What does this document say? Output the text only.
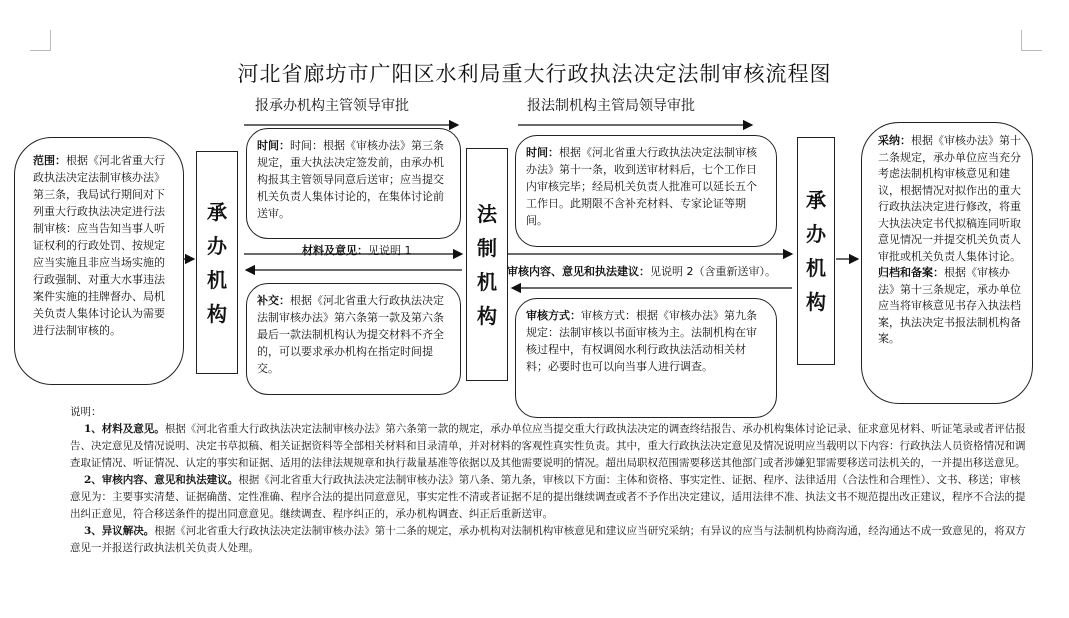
河北省廊坊市广阳区水利局重大行政执法决定法制审核流程图
报承办机构主管领导审批	报法制机构主管局领导审批
范围：根据《河北省重大行政执法决定法制审核办法》第三条，我局试行期间对下列重大行政执法决定进行法制审核：应当告知当事人听证权利的行政处罚、按规定应当实施且非应当场实施的行政强制、对重大水事违法案件实施的挂牌督办、局机关负责人集体讨论认为需要进行法制审核的。
承
办
机
构
时间：时间：根据《审核办法》第三条规定，重大执法决定签发前，由承办机构报其主管领导同意后送审；应当提交机关负责人集体讨论的，在集体讨论前送审。
材料及意见：见说明 1
补交：根据《河北省重大行政执法决定法制审核办法》第六条第一款及第六条最后一款法制机构认为提交材料不齐全的，可以要求承办机构在指定时间提交。
法
制
机
构
时间：根据《河北省重大行政执法决定法制审核办法》第十一条，收到送审材料后，七个工作日内审核完毕；经局机关负责人批准可以延长五个工作日。此期限不含补充材料、专家论证等期间。
审核内容、意见和执法建议：见说明 2（含重新送审）。
审核方式：审核方式：根据《审核办法》第九条规定：法制审核以书面审核为主。法制机构在审核过程中，有权调阅水利行政执法活动相关材料；必要时也可以向当事人进行调查。
承
办
机
构
采纳：根据《审核办法》第十二条规定，承办单位应当充分考虑法制机构审核意见和建议，根据情况对拟作出的重大行政执法决定进行修改，将重大执法决定书代拟稿连同听取意见情况一并提交机关负责人审批或机关负责人集体讨论。
归档和备案：根据《审核办法》第十三条规定，承办单位应当将审核意见书存入执法档案，执法决定书报法制机构备案。

说明：

1、材料及意见。根据《河北省重大行政执法决定法制审核办法》第六条第一款的规定，承办单位应当提交重大行政执法决定的调查终结报告、承办机构集体讨论记录、征求意见材料、听证笔录或者评估报告、决定意见及情况说明、决定书草拟稿、相关证据资料等全部相关材料和目录清单，并对材料的客观性真实性负责。其中，重大行政执法决定意见及情况说明应当载明以下内容：行政执法人员资格情况和调查取证情况、听证情况、认定的事实和证据、适用的法律法规规章和执行裁量基准等依据以及其他需要说明的情况。超出局职权范围需要移送其他部门或者涉嫌犯罪需要移送司法机关的，一并提出移送意见。

2、审核内容、意见和执法建议。根据《河北省重大行政执法决定法制审核办法》第八条、第九条，审核以下方面：主体和资格、事实定性、证据、程序、法律适用（合法性和合理性）、文书、移送；审核意见为：主要事实清楚、证据确凿、定性准确、程序合法的提出同意意见，事实定性不清或者证据不足的提出继续调查或者不予作出决定建议，适用法律不准、执法文书不规范提出改正建议，程序不合法的提出纠正意见，符合移送条件的提出同意意见。继续调查、程序纠正的，承办机构调查、纠正后重新送审。

3、异议解决。根据《河北省重大行政执法决定法制审核办法》第十二条的规定，承办机构对法制机构审核意见和建议应当研究采纳；有异议的应当与法制机构协商沟通，经沟通达不成一致意见的，将双方意见一并报送行政执法机关负责人处理。
